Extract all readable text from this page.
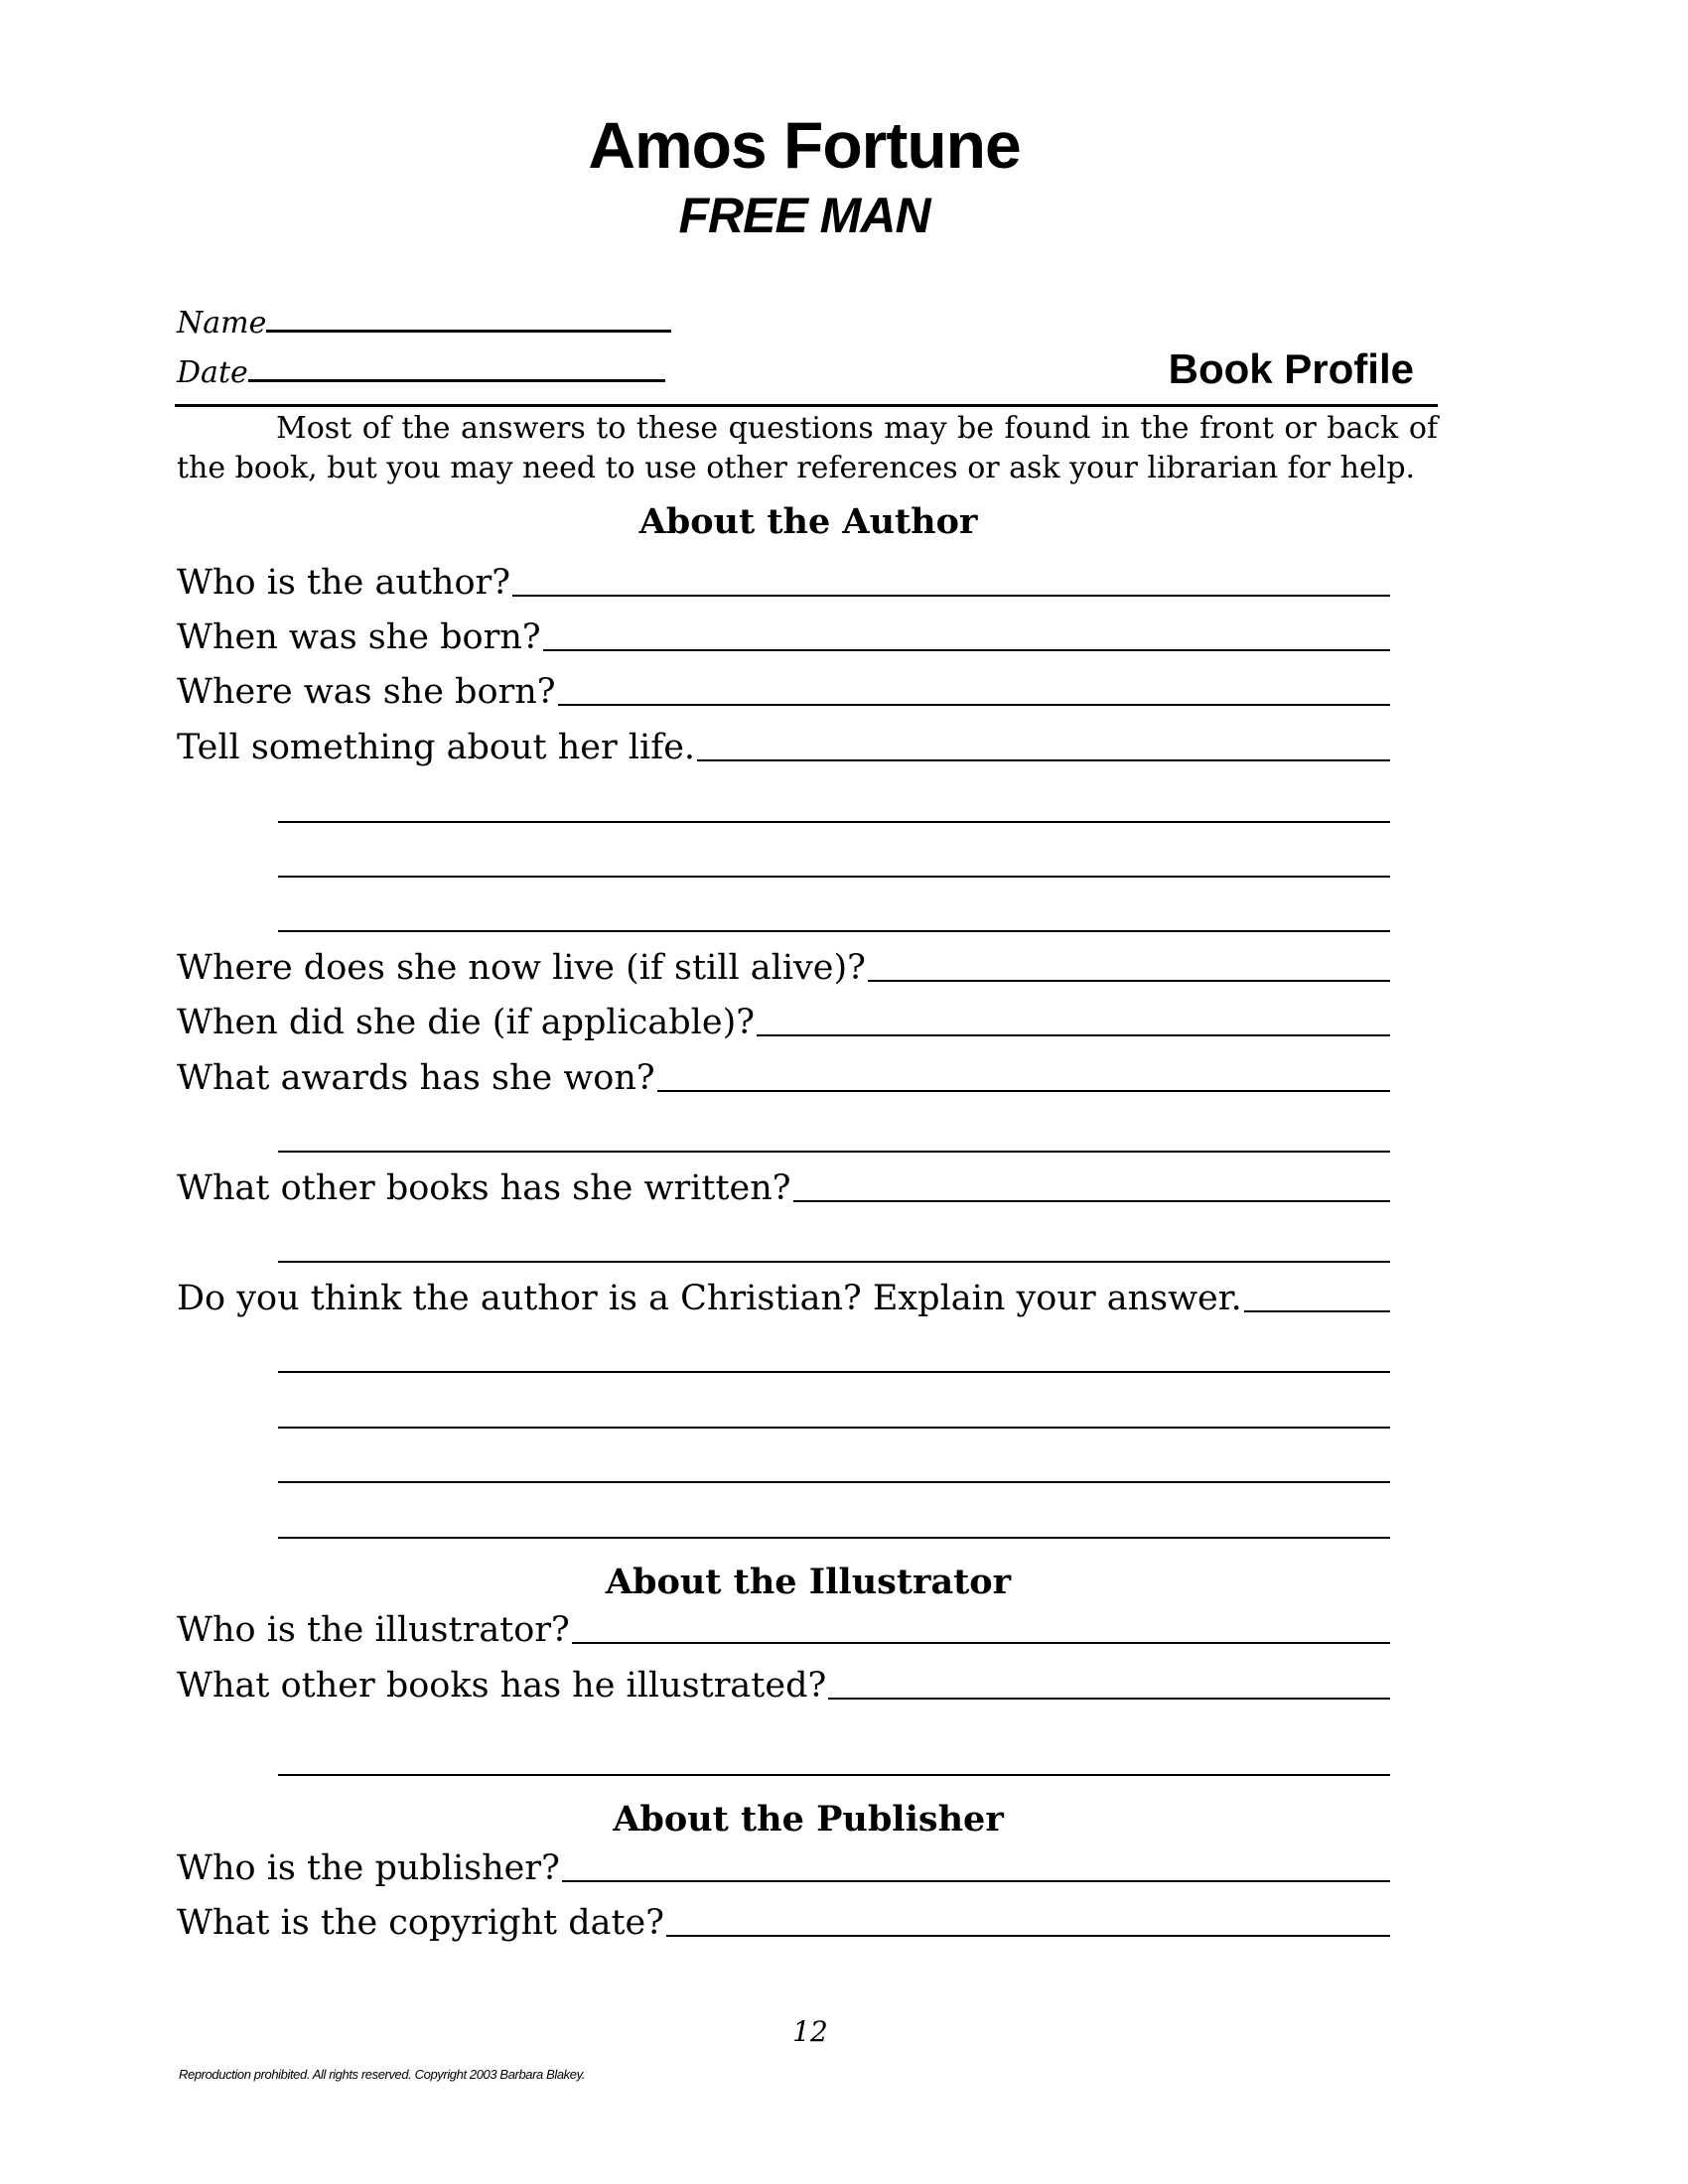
Amos Fortune
FREE MAN
Name
Date	Book Profile
Most of the answers to these questions may be found in the front or back of the book, but you may need to use other references or ask your librarian for help.
About the Author
Who is the author?
When was she born?
Where was she born?
Tell something about her life.
Where does she now live (if still alive)?
When did she die (if applicable)?
What awards has she won?
What other books has she written?
Do you think the author is a Christian? Explain your answer.
About the Illustrator
Who is the illustrator?
What other books has he illustrated?
About the Publisher
Who is the publisher?
What is the copyright date?
12
Reproduction prohibited. All rights reserved. Copyright 2003 Barbara Blakey.
